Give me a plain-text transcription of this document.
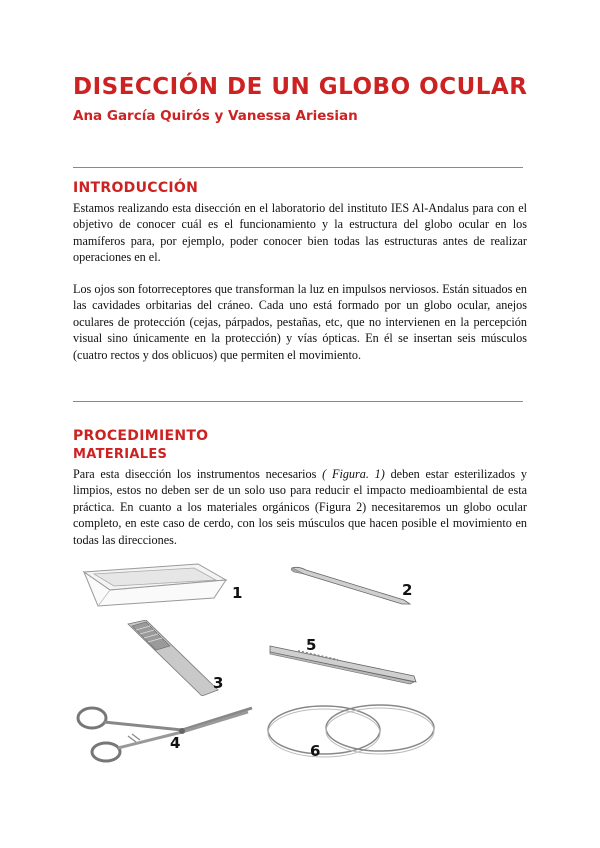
DISECCIÓN DE UN GLOBO OCULAR

Ana García Quirós y Vanessa Ariesian

INTRODUCCIÓN

Estamos realizando esta disección en el laboratorio del instituto IES Al-Andalus para con el objetivo de conocer cuál es el funcionamiento y la estructura del globo ocular en los mamíferos para, por ejemplo, poder conocer bien todas las estructuras antes de realizar operaciones en el.

Los ojos son fotorreceptores que transforman la luz en impulsos nerviosos. Están situados en las cavidades orbitarias del cráneo. Cada uno está formado por un globo ocular, anejos oculares de protección (cejas, párpados, pestañas, etc, que no intervienen en la percepción visual sino únicamente en la protección) y vías ópticas. En él se insertan seis músculos (cuatro rectos y dos oblicuos) que permiten el movimiento.

PROCEDIMIENTO
MATERIALES

Para esta disección los instrumentos necesarios ( Figura. 1) deben estar esterilizados y limpios, estos no deben ser de un solo uso para reducir el impacto medioambiental de esta práctica. En cuanto a los materiales orgánicos (Figura 2) necesitaremos un globo ocular completo, en este caso de cerdo, con los seis músculos que hacen posible el movimiento en todas las direcciones.

1	2
3
5
4	6
